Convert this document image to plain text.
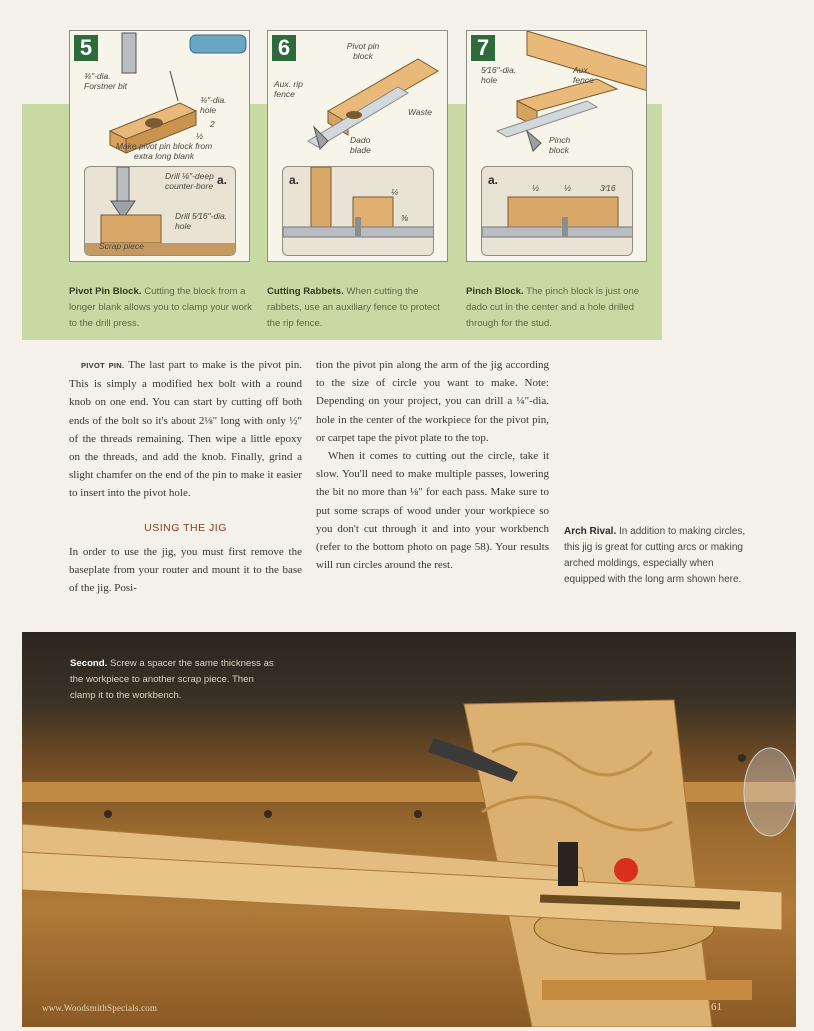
5
¾"-dia. Forstner bit
¾"-dia. hole
2
½
Make pivot pin block from extra long blank
a.
Drill ⅛"-deep counter-bore
Drill 5⁄16"-dia. hole
Scrap piece
6	Pivot pin block
Aux. rip fence
Waste
Dado blade
a.
¼
⅜
7
5⁄16"-dia. hole
Aux. fence
Pinch block
a.
½	½	3⁄16
Pivot Pin Block. Cutting the block from a longer blank allows you to clamp your work to the drill press.
Cutting Rabbets. When cutting the rabbets, use an auxiliary fence to protect the rip fence.
Pinch Block. The pinch block is just one dado cut in the center and a hole drilled through for the stud.

PIVOT PIN. The last part to make is the pivot pin. This is simply a modified hex bolt with a round knob on one end. You can start by cutting off both ends of the bolt so it's about 2⅛" long with only ½" of the threads remaining. Then wipe a little epoxy on the threads, and add the knob. Finally, grind a slight chamfer on the end of the pin to make it easier to insert into the pivot hole.

USING THE JIG

In order to use the jig, you must first remove the baseplate from your router and mount it to the base of the jig. Posi-

tion the pivot pin along the arm of the jig according to the size of circle you want to make. Note: Depending on your project, you can drill a ¼"-dia. hole in the center of the workpiece for the pivot pin, or carpet tape the pivot plate to the top.

When it comes to cutting out the circle, take it slow. You'll need to make multiple passes, lowering the bit no more than ⅛" for each pass. Make sure to put some scraps of wood under your workpiece so you don't cut through it and into your workbench (refer to the bottom photo on page 58). Your results will run circles around the rest.

Arch Rival. In addition to making circles, this jig is great for cutting arcs or making arched moldings, especially when equipped with the long arm shown here.
Second. Screw a spacer the same thickness as the workpiece to another scrap piece. Then clamp it to the workbench.
www.WoodsmithSpecials.com	61
